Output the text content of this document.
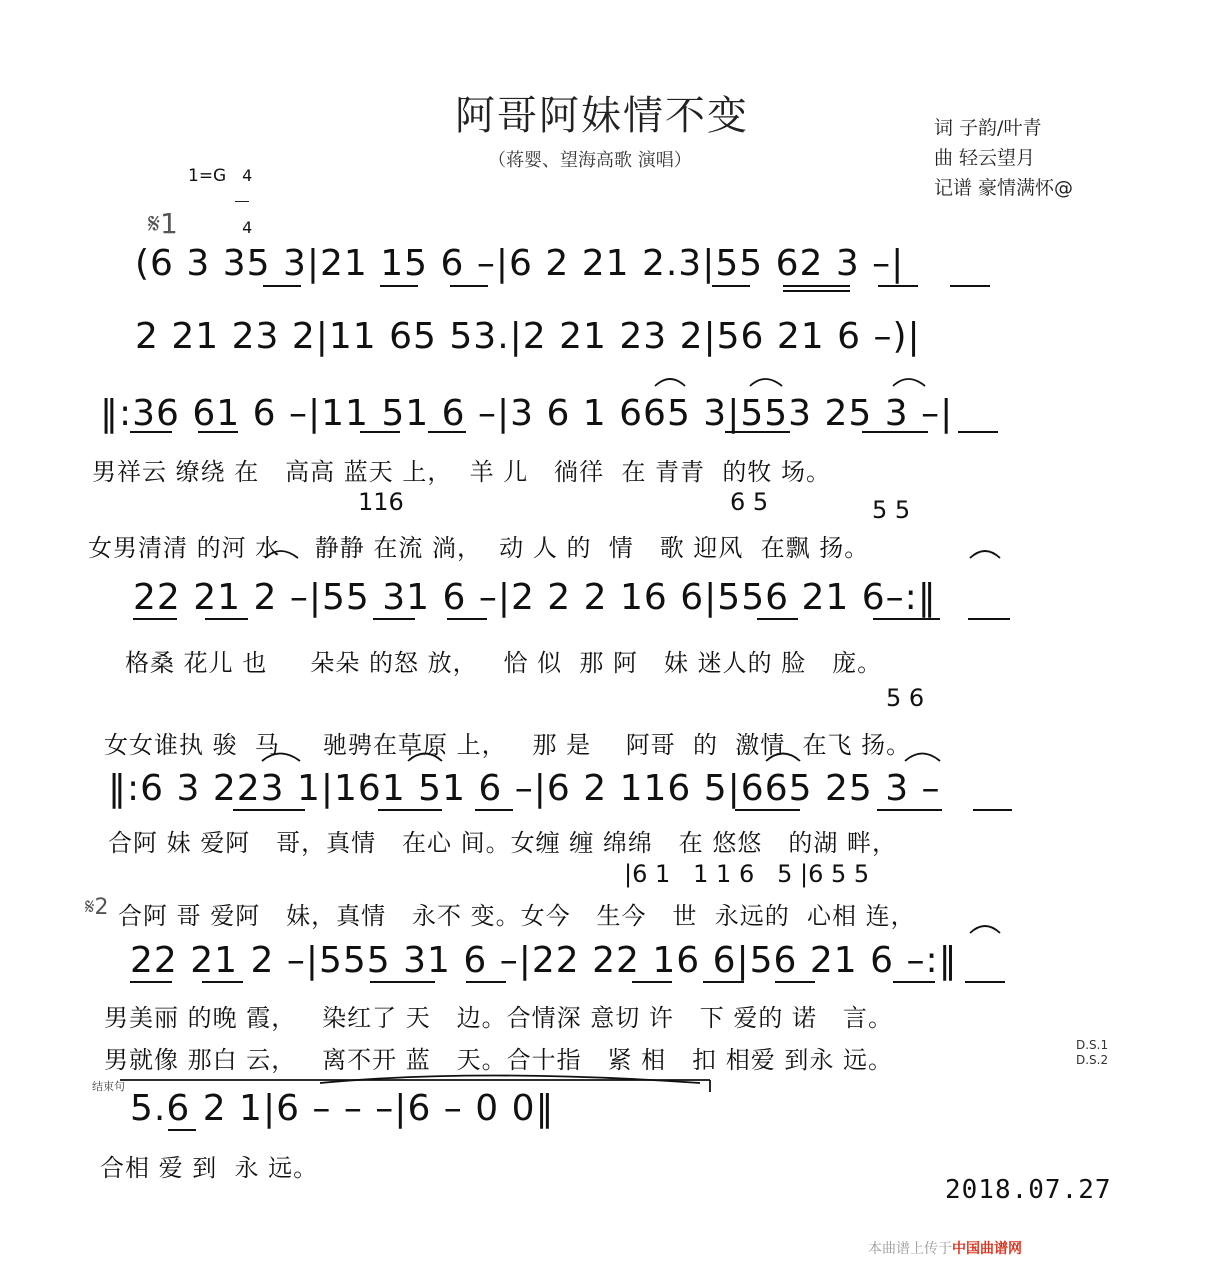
阿哥阿妹情不变
（蒋婴、望海高歌 演唱）
词 子韵/叶青
曲 轻云望月
记谱 豪情满怀@
1=G 4

4

𝄋1
(6 3 35 3|21 15 6 –|6 2 21 2.3|55 62 3 –|
2 21 23 2|11 65 53.|2 21 23 2|56 21 6 –)|
‖:36 61 6 –|11 51 6 –|3 6 1 665 3|553 25 3 –|
男祥云 缭绕 在   高高 蓝天 上，  羊 儿   徜徉  在 青青  的牧 场。
116	6 5	5 5
女男清清 的河 水    静静 在流 淌，  动 人 的  情   歌 迎风  在飘 扬。
22 21 2 –|55 31 6 –|2 2 2 16 6|556 21 6–:‖
格桑 花儿 也     朵朵 的怒 放，   恰 似  那 阿   妹 迷人的 脸   庞。
5 6
女女谁执 骏  马     驰骋在草原 上，   那 是    阿哥  的  激情  在飞 扬。
‖:6 3 223 1|161 51 6 –|6 2 116 5|665 25 3 –
合阿 妹 爱阿   哥，真情   在心 间。女缠 缠 绵绵   在 悠悠   的湖 畔，
|6 1   1 1 6   5 |6 5 5
𝄋2 合阿 哥 爱阿   妹，真情   永不 变。女今   生今   世  永远的  心相 连，
22 21 2 –|555 31 6 –|22 22 16 6|56 21 6 –:‖
男美丽 的晚 霞，   染红了 天   边。合情深 意切 许   下 爱的 诺   言。
男就像 那白 云，   离不开 蓝   天。合十指   紧 相   扣 相爱 到永 远。
D.S.1
D.S.2
结束句
5.6 2 1|6 – – –|6 – 0 0‖
合相 爱 到  永 远。
2018.07.27
本曲谱上传于中国曲谱网
